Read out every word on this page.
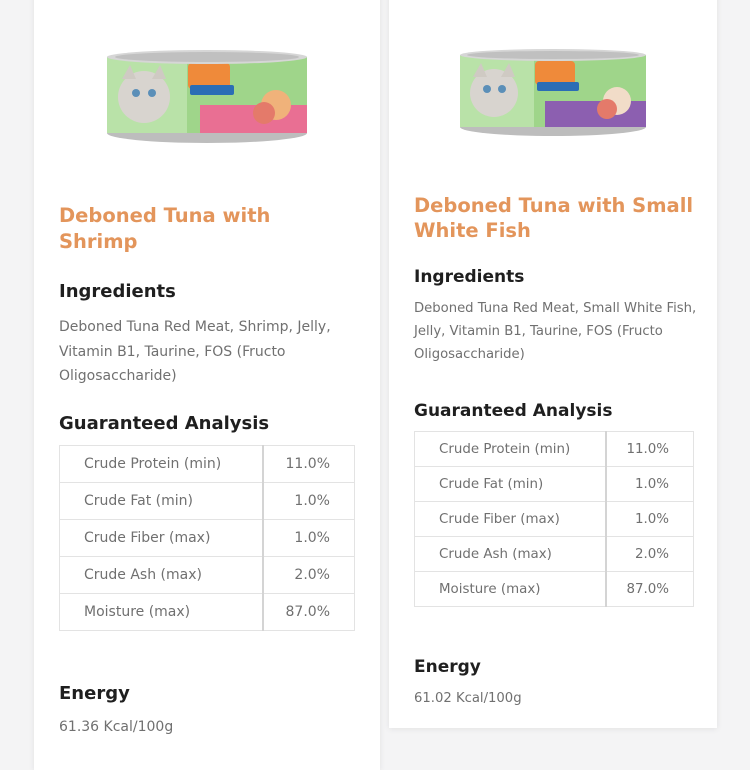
Deboned Tuna with Shrimp
Ingredients

Deboned Tuna Red Meat, Shrimp, Jelly, Vitamin B1, Taurine, FOS (Fructo Oligosaccharide)

Guaranteed Analysis
Crude Protein (min)	11.0%
Crude Fat (min)	1.0%
Crude Fiber (max)	1.0%
Crude Ash (max)	2.0%
Moisture (max)	87.0%
Energy

61.36 Kcal/100g

Deboned Tuna with Small White Fish
Ingredients

Deboned Tuna Red Meat, Small White Fish, Jelly, Vitamin B1, Taurine, FOS (Fructo Oligosaccharide)

Guaranteed Analysis
Crude Protein (min)	11.0%
Crude Fat (min)	1.0%
Crude Fiber (max)	1.0%
Crude Ash (max)	2.0%
Moisture (max)	87.0%
Energy

61.02 Kcal/100g
